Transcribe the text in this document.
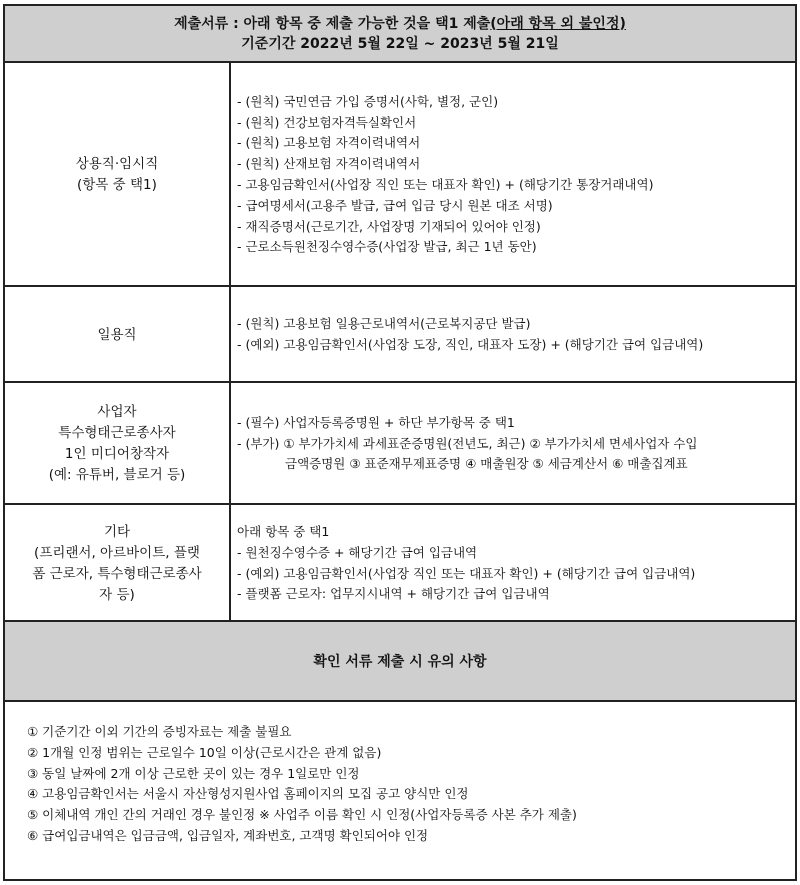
제출서류 : 아래 항목 중 제출 가능한 것을 택1 제출(아래 항목 외 불인정)
기준기간 2022년 5월 22일 ~ 2023년 5월 21일
상용직·임시직
(항목 중 택1)
- (원칙) 국민연금 가입 증명서(사학, 별정, 군인)
- (원칙) 건강보험자격득실확인서
- (원칙) 고용보험 자격이력내역서
- (원칙) 산재보험 자격이력내역서
- 고용임금확인서(사업장 직인 또는 대표자 확인) + (해당기간 통장거래내역)
- 급여명세서(고용주 발급, 급여 입금 당시 원본 대조 서명)
- 재직증명서(근로기간, 사업장명 기재되어 있어야 인정)
- 근로소득원천징수영수증(사업장 발급, 최근 1년 동안)
일용직
- (원칙) 고용보험 일용근로내역서(근로복지공단 발급)
- (예외) 고용임금확인서(사업장 도장, 직인, 대표자 도장) + (해당기간 급여 입금내역)
사업자
특수형태근로종사자
1인 미디어창작자
(예: 유튜버, 블로거 등)
- (필수) 사업자등록증명원 + 하단 부가항목 중 택1
- (부가) ① 부가가치세 과세표준증명원(전년도, 최근) ② 부가가치세 면세사업자 수입
금액증명원 ③ 표준재무제표증명 ④ 매출원장 ⑤ 세금계산서 ⑥ 매출집계표
기타
(프리랜서, 아르바이트, 플랫
폼 근로자, 특수형태근로종사
자 등)
아래 항목 중 택1
- 원천징수영수증 + 해당기간 급여 입금내역
- (예외) 고용임금확인서(사업장 직인 또는 대표자 확인) + (해당기간 급여 입금내역)
- 플랫폼 근로자: 업무지시내역 + 해당기간 급여 입금내역
확인 서류 제출 시 유의 사항
① 기준기간 이외 기간의 증빙자료는 제출 불필요
② 1개월 인정 범위는 근로일수 10일 이상(근로시간은 관계 없음)
③ 동일 날짜에 2개 이상 근로한 곳이 있는 경우 1일로만 인정
④ 고용임금확인서는 서울시 자산형성지원사업 홈페이지의 모집 공고 양식만 인정
⑤ 이체내역 개인 간의 거래인 경우 불인정 ※ 사업주 이름 확인 시 인정(사업자등록증 사본 추가 제출)
⑥ 급여입금내역은 입금금액, 입금일자, 계좌번호, 고객명 확인되어야 인정
